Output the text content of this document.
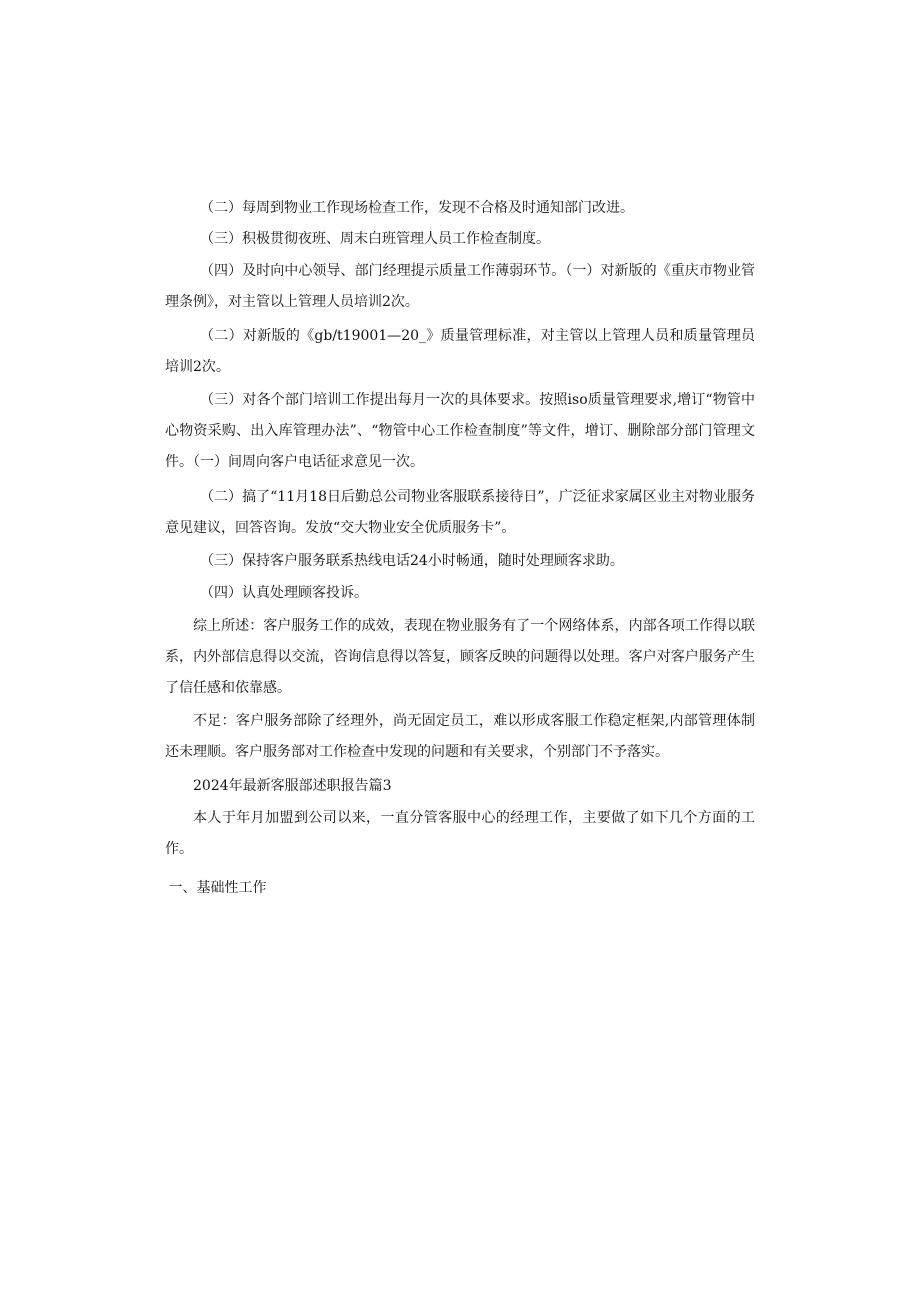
（二）每周到物业工作现场检查工作，发现不合格及时通知部门改进。

（三）积极贯彻夜班、周末白班管理人员工作检查制度。

（四）及时向中心领导、部门经理提示质量工作薄弱环节。（一）对新版的《重庆市物业管理条例》，对主管以上管理人员培训2次。

（二）对新版的《gb/t19001—20_》质量管理标准，对主管以上管理人员和质量管理员培训2次。

（三）对各个部门培训工作提出每月一次的具体要求。按照iso质量管理要求,增订“物管中心物资采购、出入库管理办法”、“物管中心工作检查制度”等文件，增订、删除部分部门管理文件。（一）间周向客户电话征求意见一次。

（二）搞了“11月18日后勤总公司物业客服联系接待日”，广泛征求家属区业主对物业服务意见建议，回答咨询。发放“交大物业安全优质服务卡”。

（三）保持客户服务联系热线电话24小时畅通，随时处理顾客求助。

（四）认真处理顾客投诉。

综上所述：客户服务工作的成效，表现在物业服务有了一个网络体系，内部各项工作得以联系，内外部信息得以交流，咨询信息得以答复，顾客反映的问题得以处理。客户对客户服务产生了信任感和依靠感。

不足：客户服务部除了经理外，尚无固定员工，难以形成客服工作稳定框架,内部管理体制还未理顺。客户服务部对工作检查中发现的问题和有关要求，个别部门不予落实。

2024年最新客服部述职报告篇3

本人于年月加盟到公司以来，一直分管客服中心的经理工作，主要做了如下几个方面的工作。

一、基础性工作
